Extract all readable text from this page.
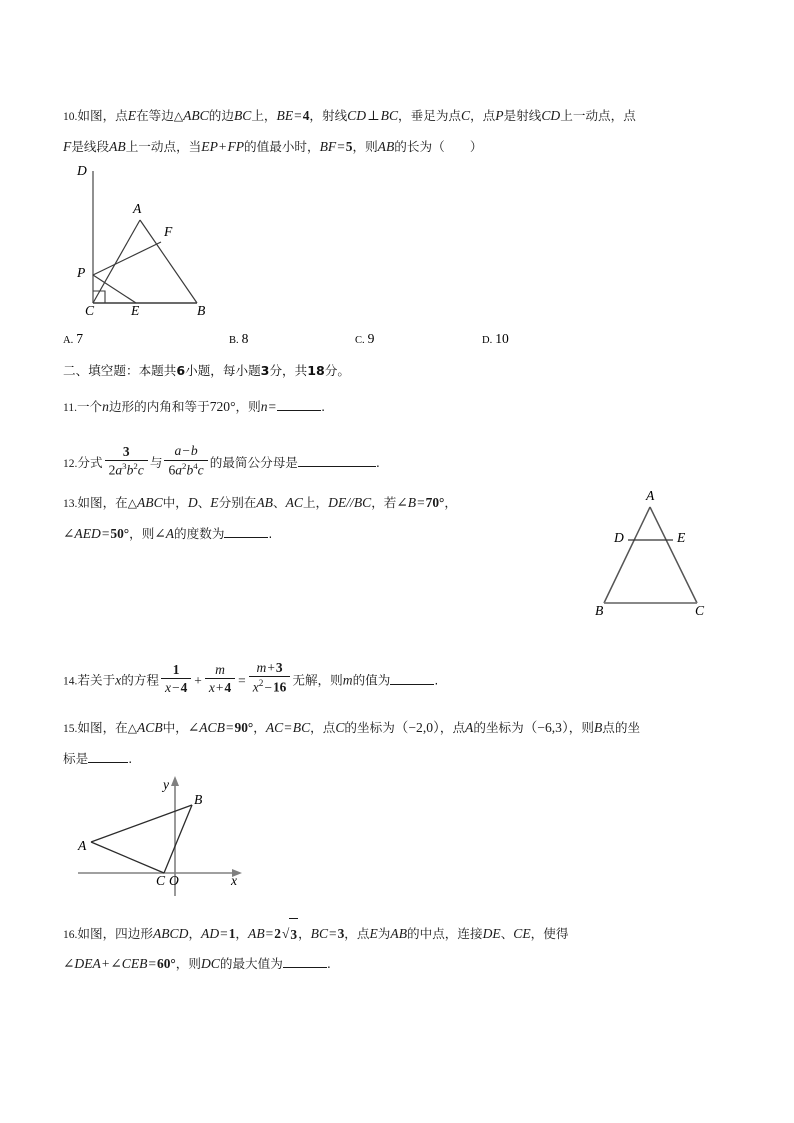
10.如图，点E在等边△ABC的边BC上，BE=4，射线CD⊥BC，垂足为点C，点P是射线CD上一动点，点
F是线段AB上一动点，当EP+FP的值最小时，BF=5，则AB的长为（　　）
D
A
F
P
C	E	B
A. 7	B. 8	C. 9	D. 10
二、填空题：本题共6小题，每小题3分，共18分。
11.一个n边形的内角和等于720°，则n=	.
12.分式 $\frac{3}{2a^3b^2c}$ 与 $\frac{a-b}{6a^2b^4c}$ 的最简公分母是	.
13.如图，在△ABC中，D、E分别在AB、AC上，DE//BC，若∠B=70°，
∠AED=50°，则∠A的度数为	.
A
D	E
B	C
14.若关于x的方程 $\frac{1}{x-4} + \frac{m}{x+4} = \frac{m+3}{x^2-16}$ 无解，则m的值为	.
15.如图，在△ACB中，∠ACB=90°，AC=BC，点C的坐标为（−2,0），点A的坐标为（−6,3），则B点的坐
标是	.
y
x
B
A
C O
16.如图，四边形ABCD，AD=1，AB=2√3，BC=3，点E为AB的中点，连接DE、CE，使得
∠DEA+∠CEB=60°，则DC的最大值为	.
